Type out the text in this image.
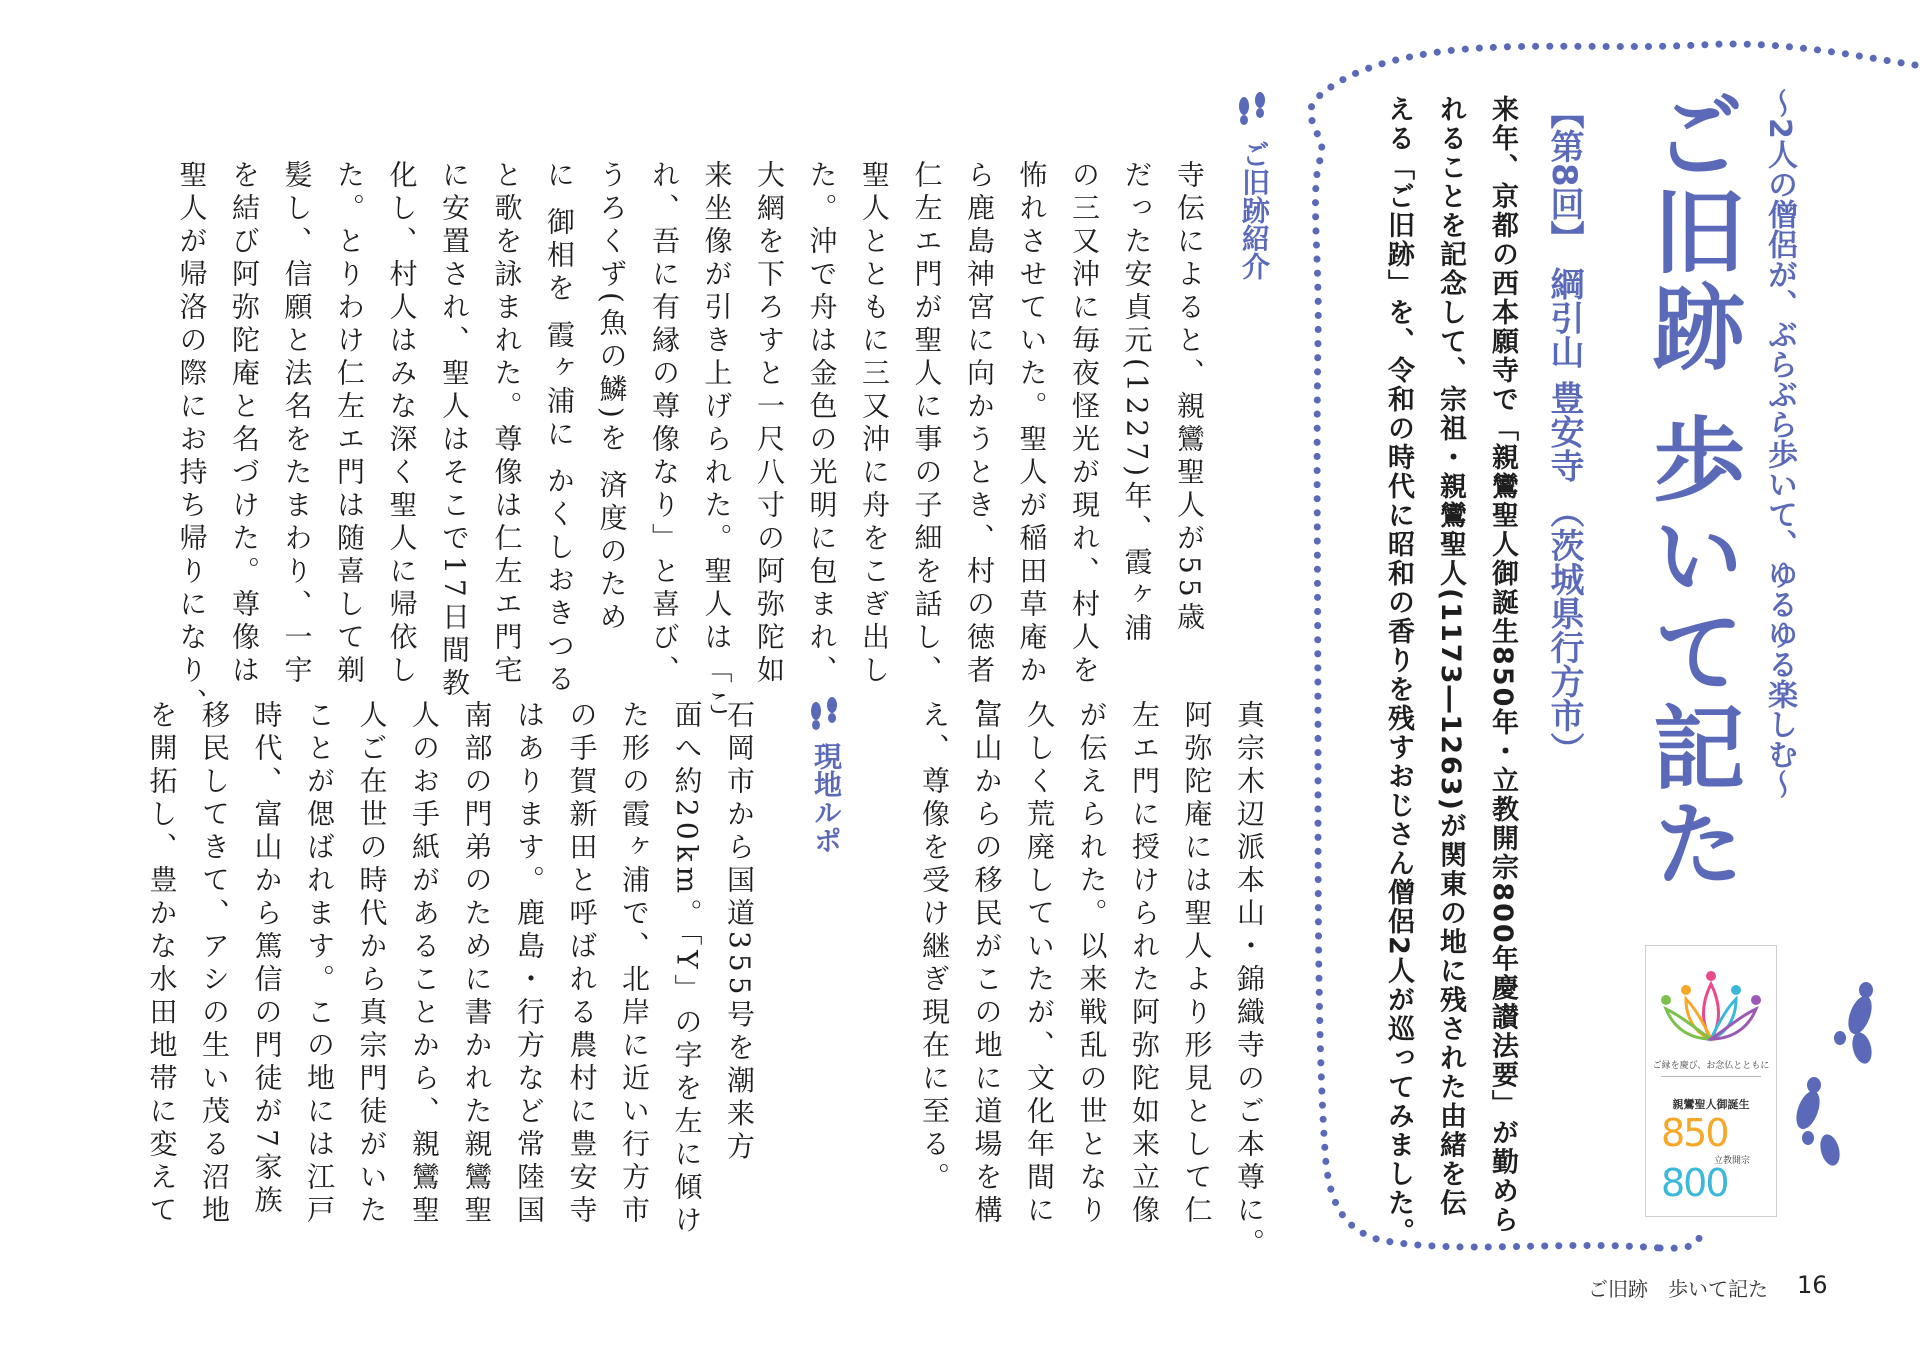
〜2人の僧侶が、ぶらぶら歩いて、ゆるゆる楽しむ〜
ご旧跡 歩いて記た
【第8回】 綱引山 豊安寺 （茨城県行方市）
来年、京都の西本願寺で「親鸞聖人御誕生850年・立教開宗800年慶讃法要」が勤めら
れることを記念して、宗祖・親鸞聖人(1173―1263)が関東の地に残された由緒を伝
える「ご旧跡」を、令和の時代に昭和の香りを残すおじさん僧侶2人が巡ってみました。	ご縁を慶び、お念仏とともに
親鸞聖人御誕生
850
立教開宗
800
ご旧跡紹介
寺伝によると、親鸞聖人が55歳
だった安貞元(1227)年、霞ヶ浦
の三又沖に毎夜怪光が現れ、村人を
怖れさせていた。聖人が稲田草庵か
ら鹿島神宮に向かうとき、村の徳者・
仁左エ門が聖人に事の子細を話し、
聖人とともに三又沖に舟をこぎ出し
た。沖で舟は金色の光明に包まれ、
大網を下ろすと一尺八寸の阿弥陀如
来坐像が引き上げられた。聖人は「こ
れ、吾に有縁の尊像なり」と喜び、
うろくず(魚の鱗)を 済度のため
に 御相を 霞ヶ浦に かくしおきつる
と歌を詠まれた。尊像は仁左エ門宅
に安置され、聖人はそこで17日間教
化し、村人はみな深く聖人に帰依し
た。とりわけ仁左エ門は随喜して剃
髪し、信願と法名をたまわり、一宇
を結び阿弥陀庵と名づけた。尊像は
聖人が帰洛の際にお持ち帰りになり、
真宗木辺派本山・錦織寺のご本尊に。
阿弥陀庵には聖人より形見として仁
左エ門に授けられた阿弥陀如来立像
が伝えられた。以来戦乱の世となり
久しく荒廃していたが、文化年間に
富山からの移民がこの地に道場を構
え、尊像を受け継ぎ現在に至る。
現地ルポ
石岡市から国道355号を潮来方
面へ約20km。「Y」の字を左に傾け
た形の霞ヶ浦で、北岸に近い行方市
の手賀新田と呼ばれる農村に豊安寺
はあります。鹿島・行方など常陸国
南部の門弟のために書かれた親鸞聖
人のお手紙があることから、親鸞聖
人ご在世の時代から真宗門徒がいた
ことが偲ばれます。この地には江戸
時代、富山から篤信の門徒が7家族
移民してきて、アシの生い茂る沼地
を開拓し、豊かな水田地帯に変えて
ご旧跡　歩いて記た 16
